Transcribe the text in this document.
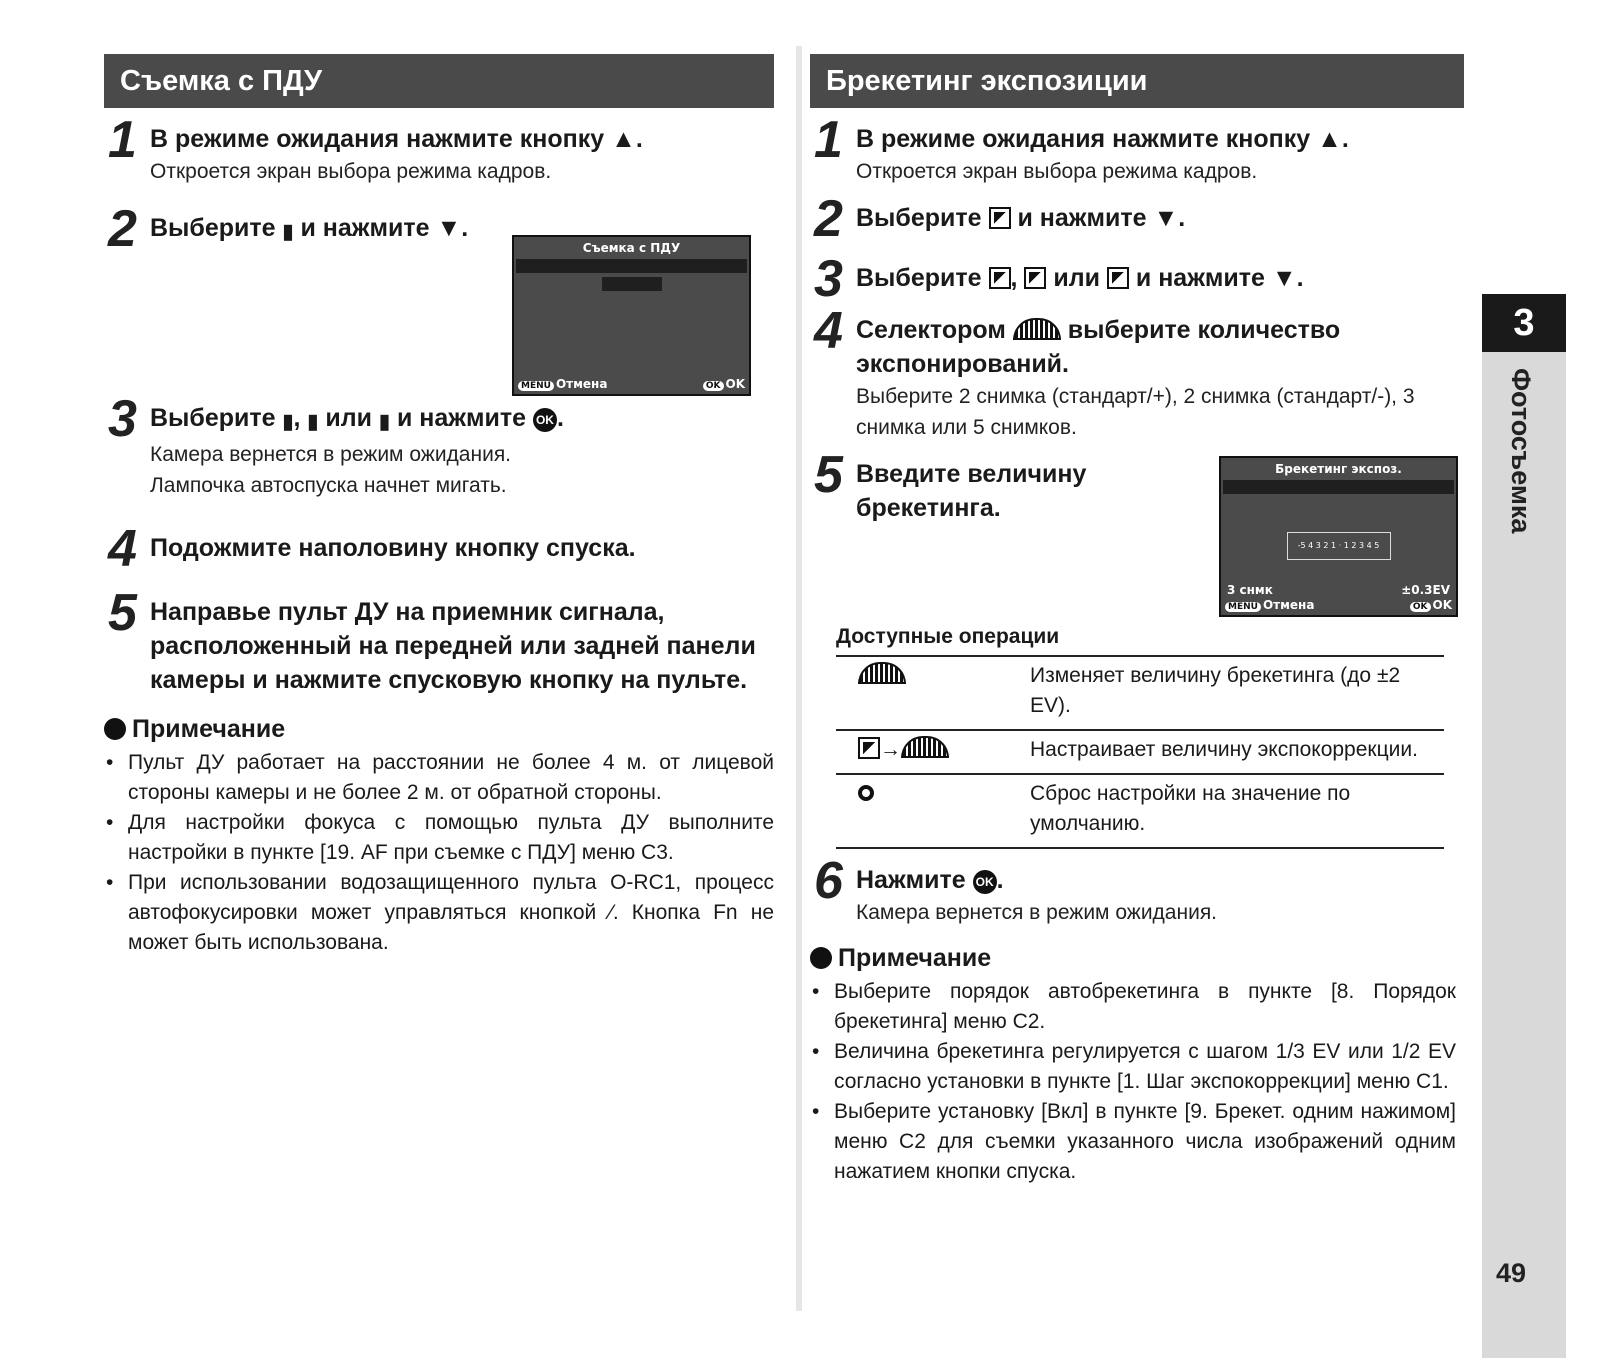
Съемка с ПДУ
1 В режиме ожидания нажмите кнопку ▲.
Откроется экран выбора режима кадров.
2 Выберите ▮ и нажмите ▼.
3 Выберите ▮, ▮ или ▮ и нажмите OK .
Камера вернется в режим ожидания.
Лампочка автоспуска начнет мигать.
4 Подожмите наполовину кнопку спуска.
5 Направье пульт ДУ на приемник сигнала, расположенный на передней или задней панели камеры и нажмите спусковую кнопку на пульте.
Примечание
• Пульт ДУ работает на расстоянии не более 4 м. от лицевой стороны камеры и не более 2 м. от обратной стороны.
• Для настройки фокуса с помощью пульта ДУ выполните настройки в пункте [19. AF при съемке с ПДУ] меню C3.
• При использовании водозащищенного пульта O-RC1, процесс автофокусировки может управляться кнопкой ⁄. Кнопка Fn не может быть использована.
Съемка с ПДУ
MENU Отмена	OK OK
Брекетинг экспозиции
1 В режиме ожидания нажмите кнопку ▲.
Откроется экран выбора режима кадров.
2 Выберите и нажмите ▼.
3 Выберите , или и нажмите ▼.
4 Селектором выберите количество экспонирований.
Выберите 2 снимка (стандарт/+), 2 снимка (стандарт/-), 3 снимка или 5 снимков.
5 Введите величину брекетинга.
Доступные операции
	Изменяет величину брекетинга (до ±2 EV).
→	Настраивает величину экспокоррекции.
	Сброс настройки на значение по умолчанию.
6 Нажмите OK .
Камера вернется в режим ожидания.
Примечание
• Выберите порядок автобрекетинга в пункте [8. Порядок брекетинга] меню C2.
• Величина брекетинга регулируется с шагом 1/3 EV или 1/2 EV согласно установки в пункте [1. Шаг экспокоррекции] меню C1.
• Выберите установку [Вкл] в пункте [9. Брекет. одним нажимом] меню C2 для съемки указанного числа изображений одним нажатием кнопки спуска.
Брекетинг экспоз.
-5 4 3 2 1 · 1 2 3 4 5
3 снмк	±0.3EV
MENU Отмена	OK OK
3
Фотосъемка
49
